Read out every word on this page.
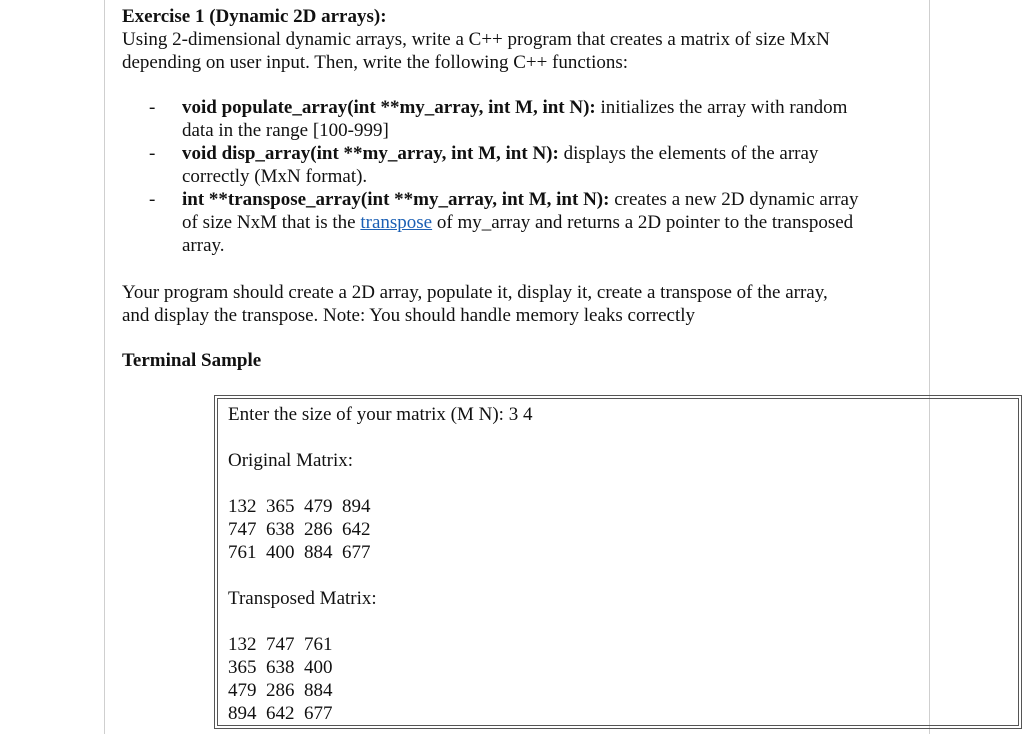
Exercise 1 (Dynamic 2D arrays):
Using 2-dimensional dynamic arrays, write a C++ program that creates a matrix of size MxN
depending on user input. Then, write the following C++ functions:
- void populate_array(int **my_array, int M, int N): initializes the array with random
data in the range [100-999]
- void disp_array(int **my_array, int M, int N): displays the elements of the array
correctly (MxN format).
- int **transpose_array(int **my_array, int M, int N): creates a new 2D dynamic array
of size NxM that is the transpose of my_array and returns a 2D pointer to the transposed
array.
Your program should create a 2D array, populate it, display it, create a transpose of the array,
and display the transpose. Note: You should handle memory leaks correctly
Terminal Sample
Enter the size of your matrix (M N): 3 4
Original Matrix:
132  365  479  894
747  638  286  642
761  400  884  677
Transposed Matrix:
132  747  761
365  638  400
479  286  884
894  642  677
